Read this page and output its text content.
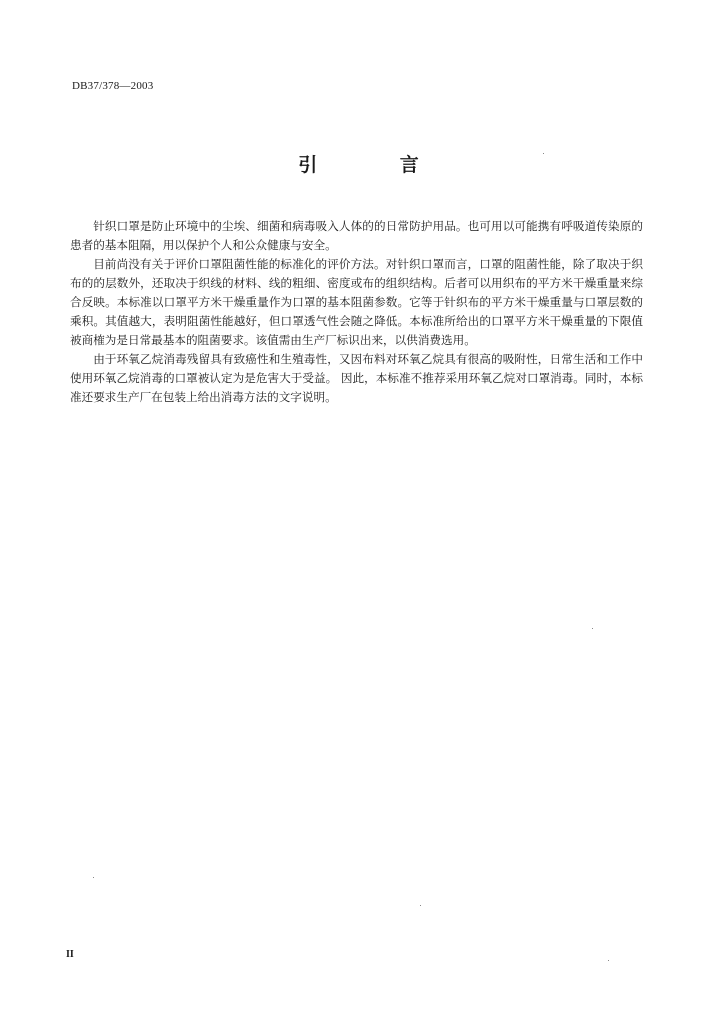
DB37/378—2003
引 言

针织口罩是防止环境中的尘埃、细菌和病毒吸入人体的的日常防护用品。也可用以可能携有呼吸道传染原的患者的基本阻隔，用以保护个人和公众健康与安全。

目前尚没有关于评价口罩阻菌性能的标准化的评价方法。对针织口罩而言，口罩的阻菌性能，除了取决于织布的的层数外，还取决于织线的材料、线的粗细、密度或布的组织结构。后者可以用织布的平方米干燥重量来综合反映。本标准以口罩平方米干燥重量作为口罩的基本阻菌参数。它等于针织布的平方米干燥重量与口罩层数的乘积。其值越大，表明阻菌性能越好，但口罩透气性会随之降低。本标准所给出的口罩平方米干燥重量的下限值被商榷为是日常最基本的阻菌要求。该值需由生产厂标识出来，以供消费选用。

由于环氧乙烷消毒残留具有致癌性和生殖毒性，又因布料对环氧乙烷具有很高的吸附性，日常生活和工作中使用环氧乙烷消毒的口罩被认定为是危害大于受益。 因此，本标准不推荐采用环氧乙烷对口罩消毒。同时，本标准还要求生产厂在包装上给出消毒方法的文字说明。

II
